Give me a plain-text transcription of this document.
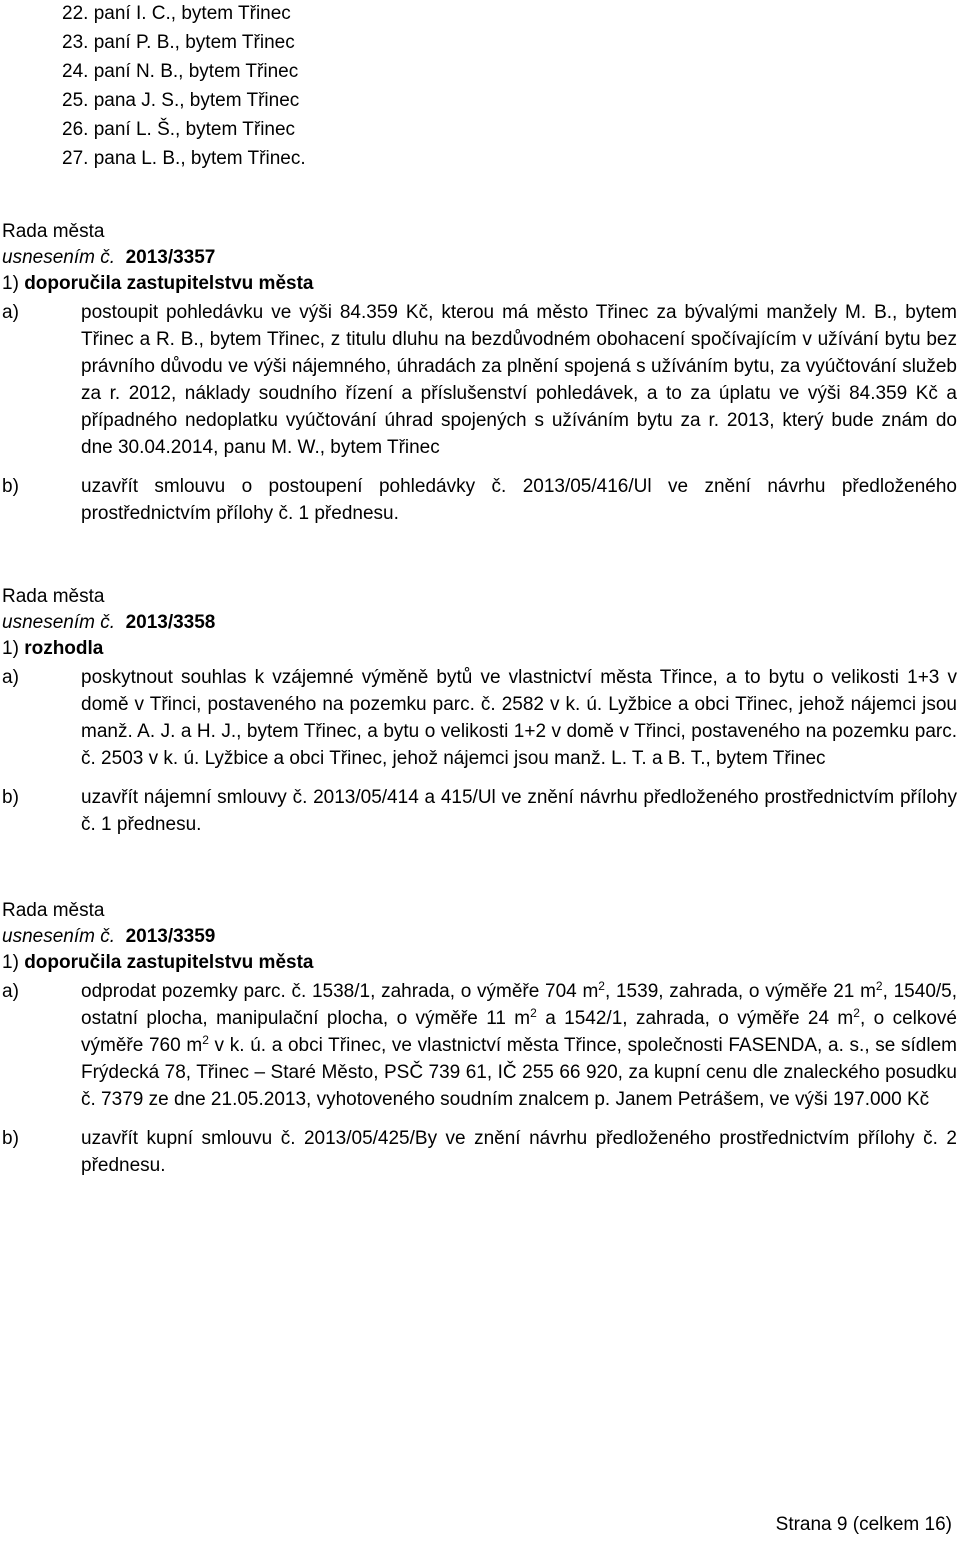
22. paní I. C., bytem Třinec
23. paní P. B., bytem Třinec
24. paní N. B., bytem Třinec
25. pana J. S., bytem Třinec
26. paní L. Š., bytem Třinec
27. pana L. B., bytem Třinec.
Rada města
usnesením č. 2013/3357
1) doporučila zastupitelstvu města
a)	postoupit pohledávku ve výši 84.359 Kč, kterou má město Třinec za bývalými manžely M. B., bytem Třinec a R. B., bytem Třinec, z titulu dluhu na bezdůvodném obohacení spočívajícím v užívání bytu bez právního důvodu ve výši nájemného, úhradách za plnění spojená s užíváním bytu, za vyúčtování služeb za r. 2012, náklady soudního řízení a příslušenství pohledávek, a to za úplatu ve výši 84.359 Kč a případného nedoplatku vyúčtování úhrad spojených s užíváním bytu za r. 2013, který bude znám do dne 30.04.2014, panu M. W., bytem Třinec

b)	uzavřít smlouvu o postoupení pohledávky č. 2013/05/416/Ul ve znění návrhu předloženého prostřednictvím přílohy č. 1 přednesu.

Rada města
usnesením č. 2013/3358
1) rozhodla
a)	poskytnout souhlas k vzájemné výměně bytů ve vlastnictví města Třince, a to bytu o velikosti 1+3 v domě v Třinci, postaveného na pozemku parc. č. 2582 v k. ú. Lyžbice a obci Třinec, jehož nájemci jsou manž. A. J. a H. J., bytem Třinec, a bytu o velikosti 1+2 v domě v Třinci, postaveného na pozemku parc. č. 2503 v k. ú. Lyžbice a obci Třinec, jehož nájemci jsou manž. L. T. a B. T., bytem Třinec

b)	uzavřít nájemní smlouvy č. 2013/05/414 a 415/Ul ve znění návrhu předloženého prostřednictvím přílohy č. 1 přednesu.

Rada města
usnesením č. 2013/3359
1) doporučila zastupitelstvu města
a)	odprodat pozemky parc. č. 1538/1, zahrada, o výměře 704 $m^2$, 1539, zahrada, o výměře 21 $m^2$, 1540/5, ostatní plocha, manipulační plocha, o výměře 11 $m^2$ a 1542/1, zahrada, o výměře 24 $m^2$, o celkové výměře 760 $m^2$ v k. ú. a obci Třinec, ve vlastnictví města Třince, společnosti FASENDA, a. s., se sídlem Frýdecká 78, Třinec – Staré Město, PSČ 739 61, IČ 255 66 920, za kupní cenu dle znaleckého posudku č. 7379 ze dne 21.05.2013, vyhotoveného soudním znalcem p. Janem Petrášem, ve výši 197.000 Kč

b)	uzavřít kupní smlouvu č. 2013/05/425/By ve znění návrhu předloženého prostřednictvím přílohy č. 2 přednesu.

Strana 9 (celkem 16)
